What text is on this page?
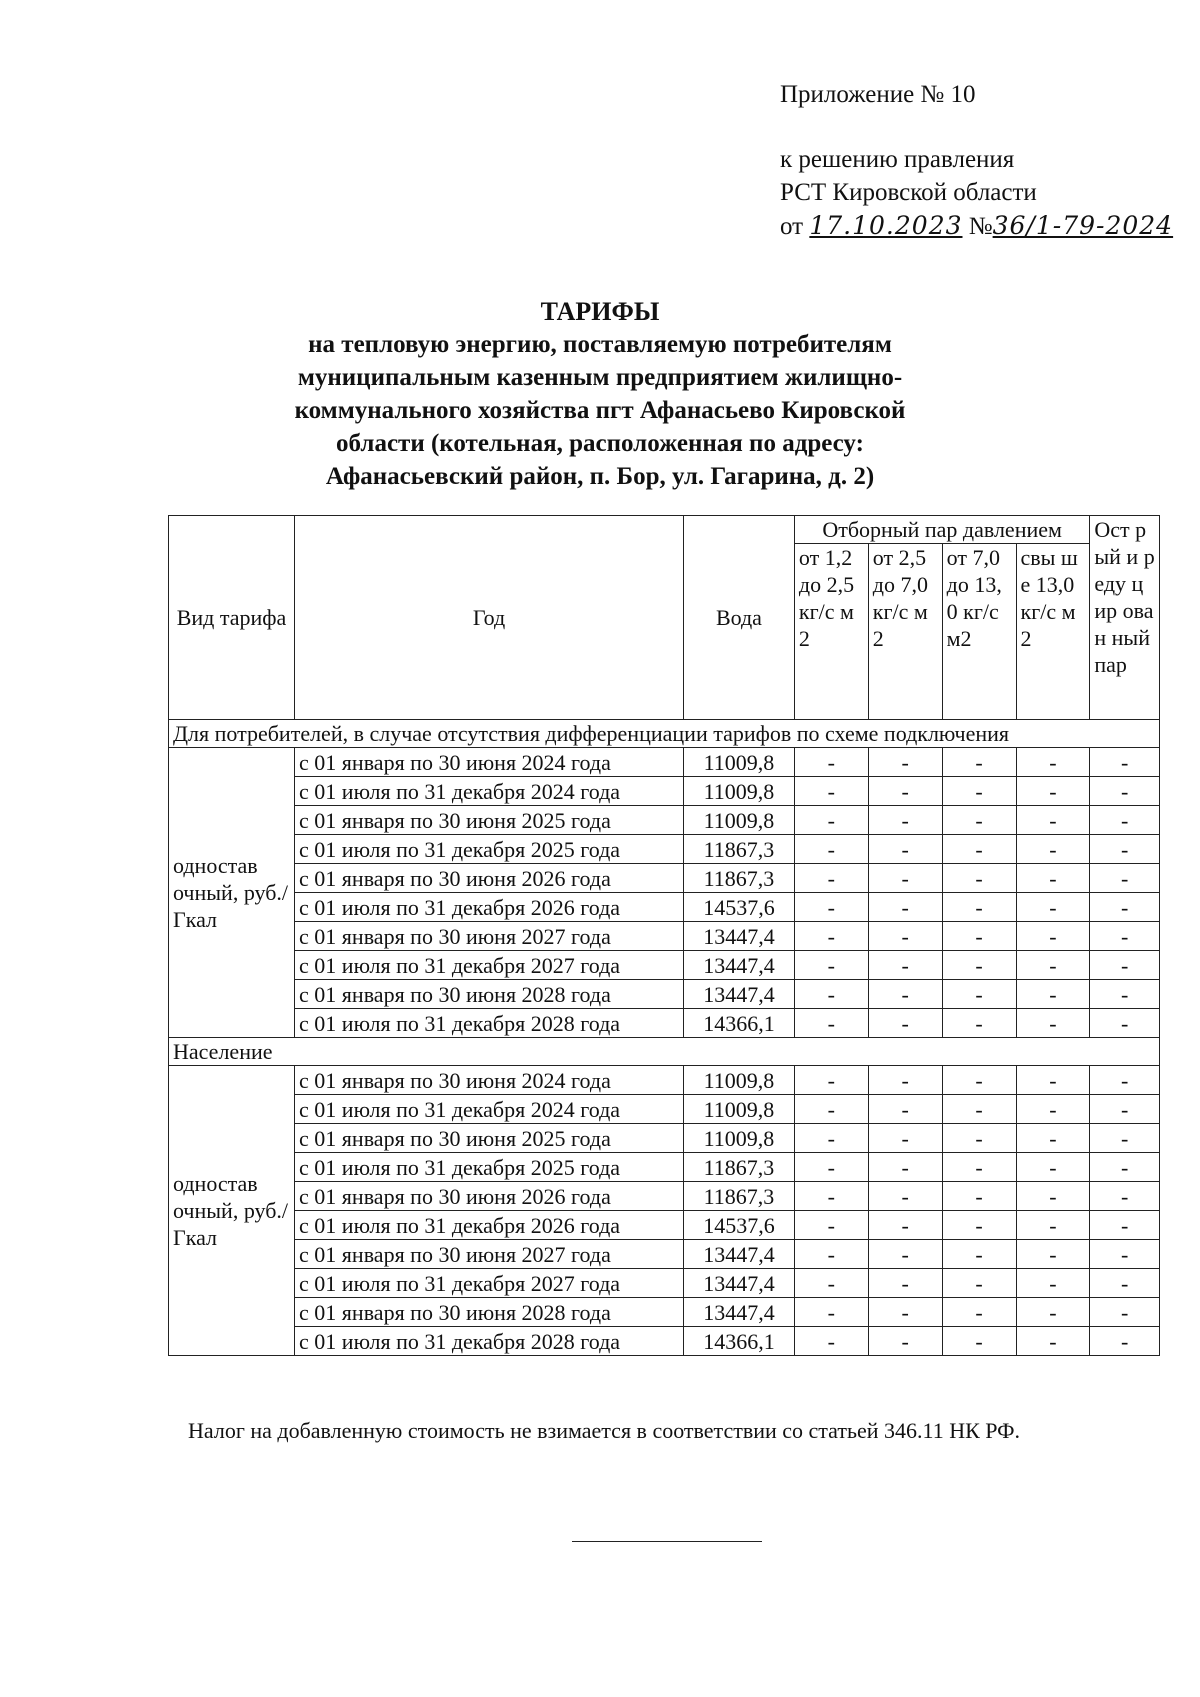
Приложение № 10
к решению правления
РСТ Кировской области
от 17.10.2023 №36/1-79-2024
ТАРИФЫ
на тепловую энергию, поставляемую потребителям
муниципальным казенным предприятием жилищно-
коммунального хозяйства пгт Афанасьево Кировской
области (котельная, расположенная по адресу:
Афанасьевский район, п. Бор, ул. Гагарина, д. 2)
Вид тарифа	Год	Вода	Отборный пар давлением				Ост рый и реду цир ован ный пар
			от 1,2 до 2,5 кг/с м2	от 2,5 до 7,0 кг/с м2	от 7,0 до 13,0 кг/с м2	свы ше 13,0 кг/с м2	
Для потребителей, в случае отсутствия дифференциации тарифов по схеме подключения							
одностав очный, руб./Гкал	с 01 января по 30 июня 2024 года	11009,8	-	-	-	-	-
	с 01 июля по 31 декабря 2024 года	11009,8	-	-	-	-	-
	с 01 января по 30 июня 2025 года	11009,8	-	-	-	-	-
	с 01 июля по 31 декабря 2025 года	11867,3	-	-	-	-	-
	с 01 января по 30 июня 2026 года	11867,3	-	-	-	-	-
	с 01 июля по 31 декабря 2026 года	14537,6	-	-	-	-	-
	с 01 января по 30 июня 2027 года	13447,4	-	-	-	-	-
	с 01 июля по 31 декабря 2027 года	13447,4	-	-	-	-	-
	с 01 января по 30 июня 2028 года	13447,4	-	-	-	-	-
	с 01 июля по 31 декабря 2028 года	14366,1	-	-	-	-	-
Население							
одностав очный, руб./Гкал	с 01 января по 30 июня 2024 года	11009,8	-	-	-	-	-
	с 01 июля по 31 декабря 2024 года	11009,8	-	-	-	-	-
	с 01 января по 30 июня 2025 года	11009,8	-	-	-	-	-
	с 01 июля по 31 декабря 2025 года	11867,3	-	-	-	-	-
	с 01 января по 30 июня 2026 года	11867,3	-	-	-	-	-
	с 01 июля по 31 декабря 2026 года	14537,6	-	-	-	-	-
	с 01 января по 30 июня 2027 года	13447,4	-	-	-	-	-
	с 01 июля по 31 декабря 2027 года	13447,4	-	-	-	-	-
	с 01 января по 30 июня 2028 года	13447,4	-	-	-	-	-
	с 01 июля по 31 декабря 2028 года	14366,1	-	-	-	-	-
Налог на добавленную стоимость не взимается в соответствии со статьей 346.11 НК РФ.
